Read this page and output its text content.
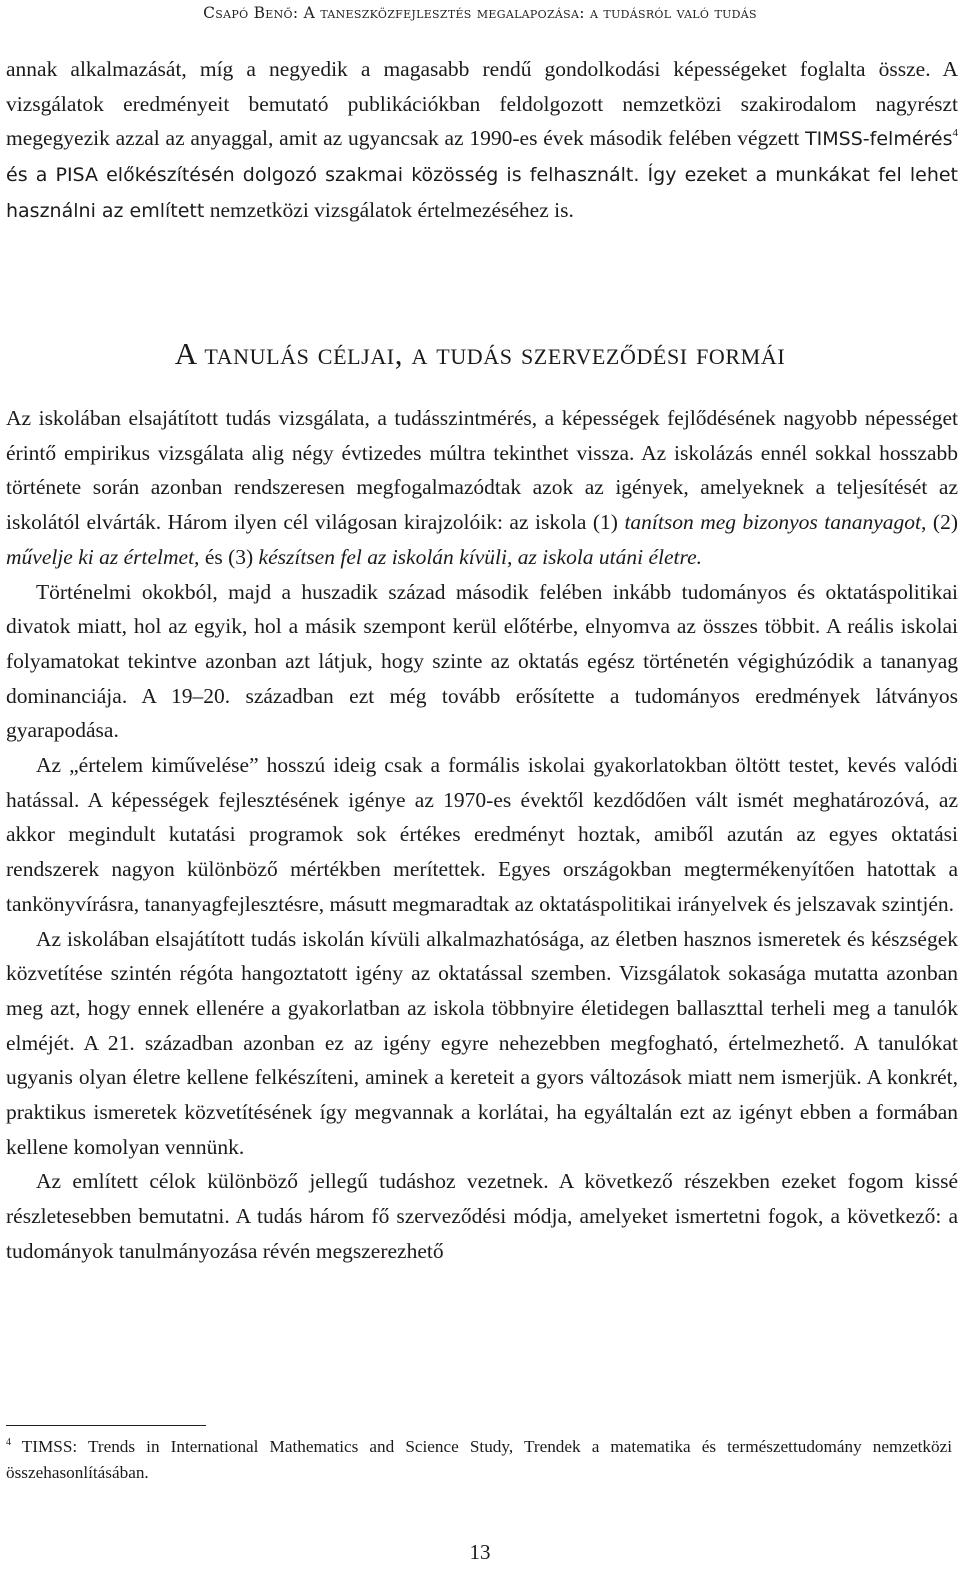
Csapó Benő: A taneszközfejlesztés megalapozása: a tudásról való tudás

annak alkalmazását, míg a negyedik a magasabb rendű gondolkodási képességeket foglalta össze. A vizsgálatok eredményeit bemutató publikációkban feldolgozott nemzetközi szakirodalom nagyrészt megegyezik azzal az anyaggal, amit az ugyancsak az 1990-es évek második felében végzett TIMSS-felmérés$^4$ és a PISA előkészítésén dolgozó szakmai közösség is felhasznált. Így ezeket a munkákat fel lehet használni az említett nemzetközi vizsgálatok értelmezéséhez is.

A tanulás céljai, a tudás szerveződési formái

Az iskolában elsajátított tudás vizsgálata, a tudásszintmérés, a képességek fejlődésének nagyobb népességet érintő empirikus vizsgálata alig négy évtizedes múltra tekinthet vissza. Az iskolázás ennél sokkal hosszabb története során azonban rendszeresen megfogalmazódtak azok az igények, amelyeknek a teljesítését az iskolától elvárták. Három ilyen cél világosan kirajzolóik: az iskola (1) tanítson meg bizonyos tananyagot, (2) művelje ki az értelmet, és (3) készítsen fel az iskolán kívüli, az iskola utáni életre.

Történelmi okokból, majd a huszadik század második felében inkább tudományos és oktatáspolitikai divatok miatt, hol az egyik, hol a másik szempont kerül előtérbe, elnyomva az összes többit. A reális iskolai folyamatokat tekintve azonban azt látjuk, hogy szinte az oktatás egész történetén végighúzódik a tananyag dominanciája. A 19–20. században ezt még tovább erősítette a tudományos eredmények látványos gyarapodása.

Az „értelem kiművelése” hosszú ideig csak a formális iskolai gyakorlatokban öltött testet, kevés valódi hatással. A képességek fejlesztésének igénye az 1970-es évektől kezdődően vált ismét meghatározóvá, az akkor megindult kutatási programok sok értékes eredményt hoztak, amiből azután az egyes oktatási rendszerek nagyon különböző mértékben merítettek. Egyes országokban megtermékenyítően hatottak a tankönyvírásra, tananyagfejlesztésre, másutt megmaradtak az oktatáspolitikai irányelvek és jelszavak szintjén.

Az iskolában elsajátított tudás iskolán kívüli alkalmazhatósága, az életben hasznos ismeretek és készségek közvetítése szintén régóta hangoztatott igény az oktatással szemben. Vizsgálatok sokasága mutatta azonban meg azt, hogy ennek ellenére a gyakorlatban az iskola többnyire életidegen ballaszttal terheli meg a tanulók elméjét. A 21. században azonban ez az igény egyre nehezebben megfogható, értelmezhető. A tanulókat ugyanis olyan életre kellene felkészíteni, aminek a kereteit a gyors változások miatt nem ismerjük. A konkrét, praktikus ismeretek közvetítésének így megvannak a korlátai, ha egyáltalán ezt az igényt ebben a formában kellene komolyan vennünk.

Az említett célok különböző jellegű tudáshoz vezetnek. A következő részekben ezeket fogom kissé részletesebben bemutatni. A tudás három fő szerveződési módja, amelyeket ismertetni fogok, a következő: a tudományok tanulmányozása révén megszerezhető

$^4$ TIMSS: Trends in International Mathematics and Science Study, Trendek a matematika és természettudomány nemzetközi összehasonlításában.
13
